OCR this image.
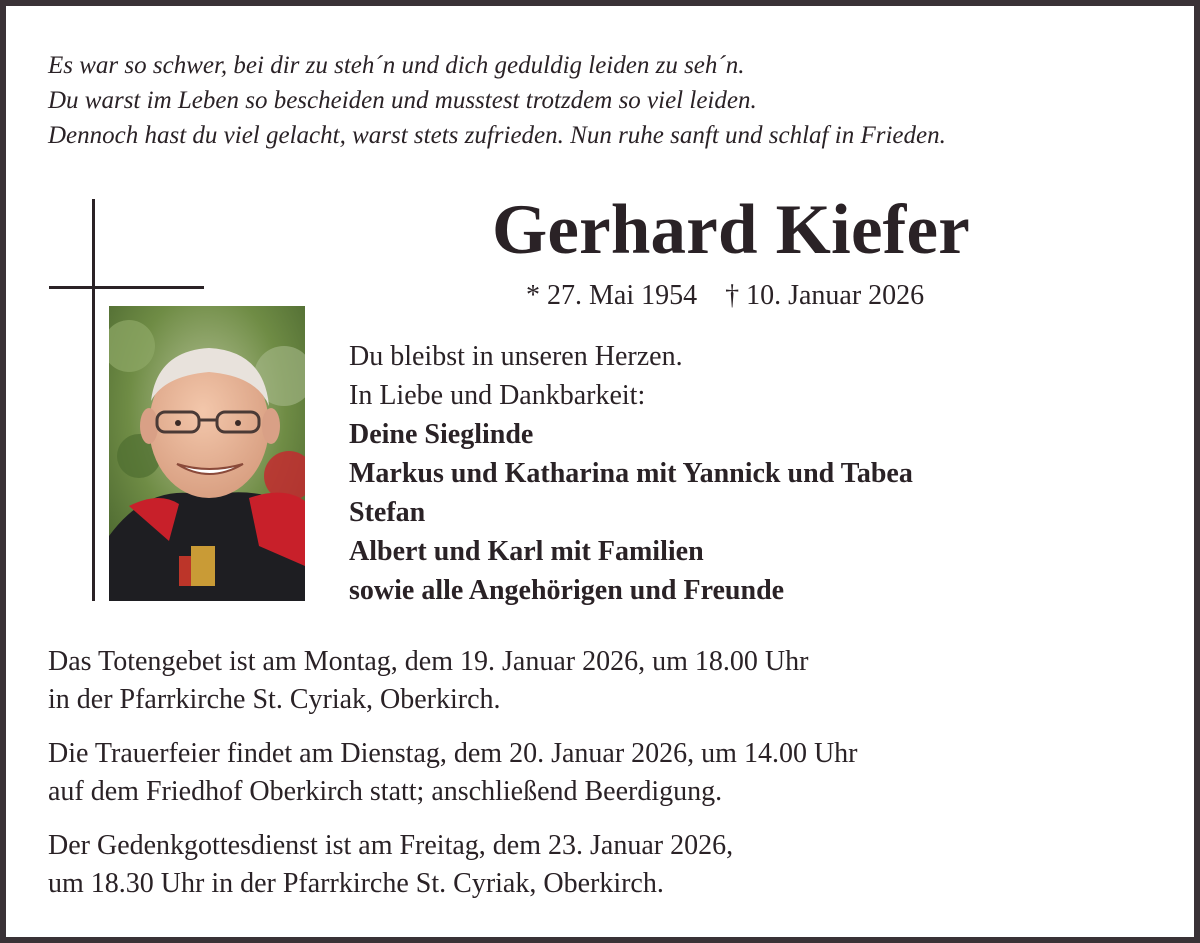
Es war so schwer, bei dir zu steh´n und dich geduldig leiden zu seh´n.
Du warst im Leben so bescheiden und musstest trotzdem so viel leiden.
Dennoch hast du viel gelacht, warst stets zufrieden. Nun ruhe sanft und schlaf in Frieden.
Gerhard Kiefer
* 27. Mai 1954 † 10. Januar 2026
Du bleibst in unseren Herzen.
In Liebe und Dankbarkeit:
Deine Sieglinde
Markus und Katharina mit Yannick und Tabea
Stefan
Albert und Karl mit Familien
sowie alle Angehörigen und Freunde
Das Totengebet ist am Montag, dem 19. Januar 2026, um 18.00 Uhr
in der Pfarrkirche St. Cyriak, Oberkirch.
Die Trauerfeier findet am Dienstag, dem 20. Januar 2026, um 14.00 Uhr
auf dem Friedhof Oberkirch statt; anschließend Beerdigung.
Der Gedenkgottesdienst ist am Freitag, dem 23. Januar 2026,
um 18.30 Uhr in der Pfarrkirche St. Cyriak, Oberkirch.
